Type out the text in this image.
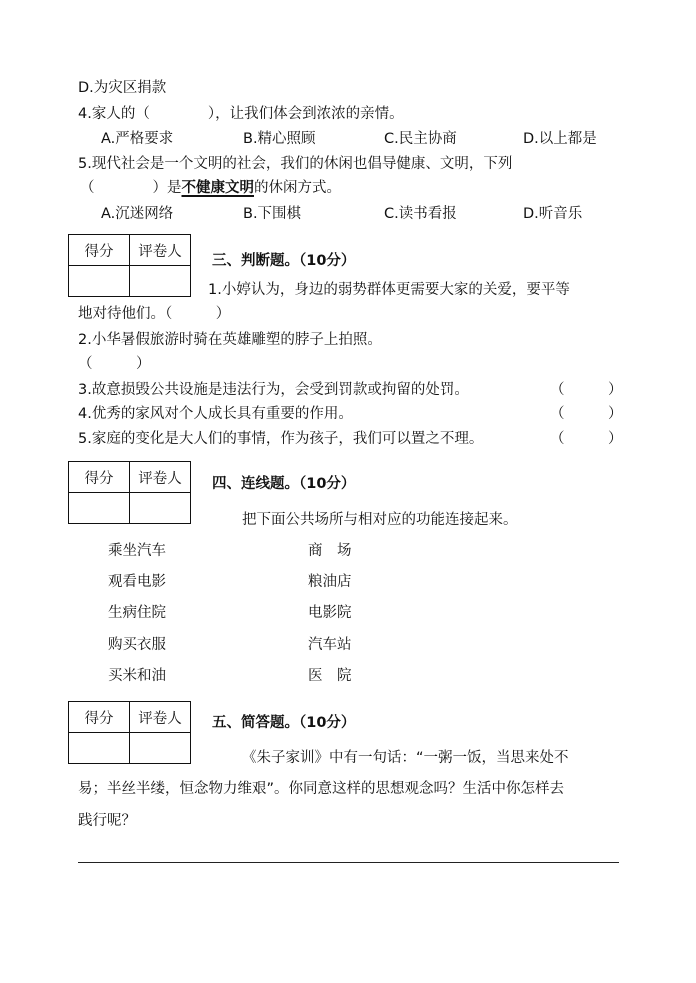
D.为灾区捐款
4.家人的（　　　　），让我们体会到浓浓的亲情。
A.严格要求	B.精心照顾	C.民主协商	D.以上都是
5.现代社会是一个文明的社会，我们的休闲也倡导健康、文明，下列
（　　　　）是不健康文明的休闲方式。
A.沉迷网络	B.下围棋	C.读书看报	D.听音乐
得分	评卷人

三、判断题。（10分）
1.小婷认为，身边的弱势群体更需要大家的关爱，要平等
地对待他们。（　　　）
2.小华暑假旅游时骑在英雄雕塑的脖子上拍照。
（　　　）
3.故意损毁公共设施是违法行为，会受到罚款或拘留的处罚。	（　　　）
4.优秀的家风对个人成长具有重要的作用。	（　　　）
5.家庭的变化是大人们的事情，作为孩子，我们可以置之不理。	（　　　）
得分	评卷人
	四、连线题。（10分）
把下面公共场所与相对应的功能连接起来。
乘坐汽车	商　场
观看电影	粮油店
生病住院	电影院
购买衣服	汽车站
买米和油	医　院
得分	评卷人
	五、简答题。（10分）
《朱子家训》中有一句话：“一粥一饭，当思来处不
易；半丝半缕，恒念物力维艰”。你同意这样的思想观念吗？生活中你怎样去
践行呢？
